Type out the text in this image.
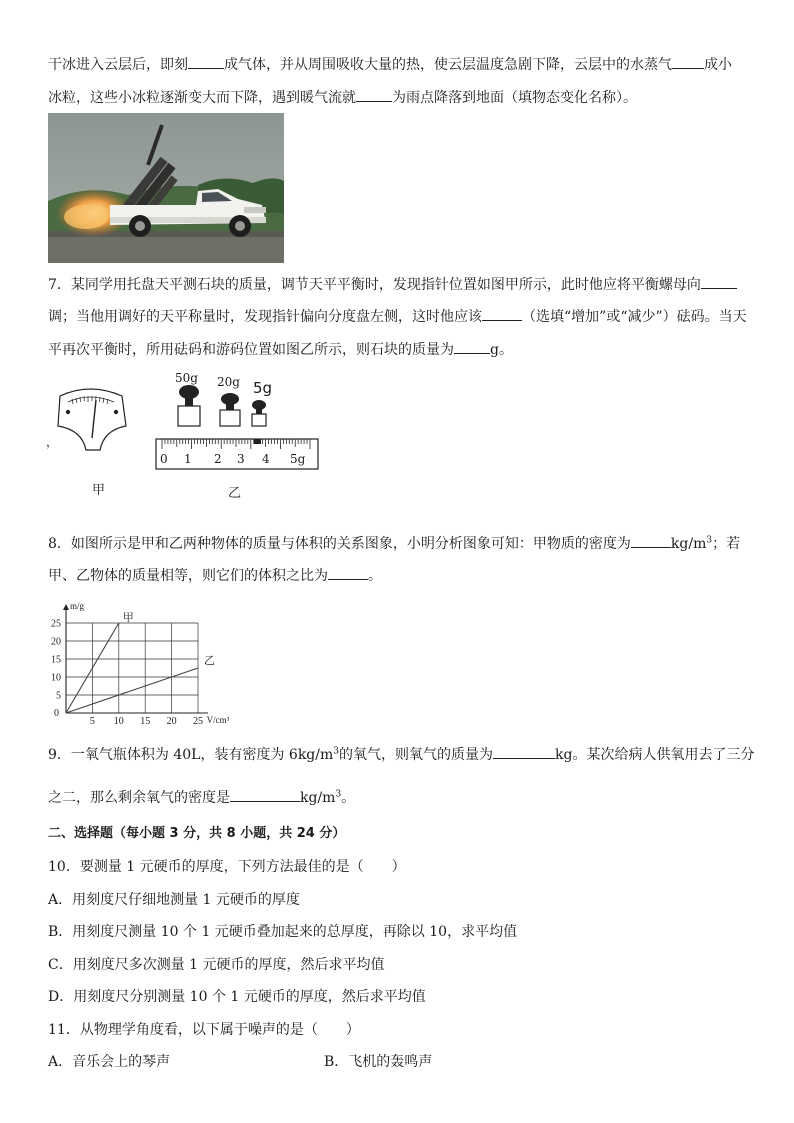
干冰进入云层后，即刻	成气体，并从周围吸收大量的热，使云层温度急剧下降，云层中的水蒸气 成小
冰粒，这些小冰粒逐渐变大而下降，遇到暖气流就	为雨点降落到地面（填物态变化名称）。
7．某同学用托盘天平测石块的质量，调节天平平衡时，发现指针位置如图甲所示，此时他应将平衡螺母向
调；当他用调好的天平称量时，发现指针偏向分度盘左侧，这时他应该	（选填“增加”或“减少”）砝码。当天
平再次平衡时，所用砝码和游码位置如图乙所示，则石块的质量为	g。
，
50g 20g 5g
0 1 2 3 4 5g
甲	乙
8．如图所示是甲和乙两种物体的质量与体积的关系图象，小明分析图象可知：甲物质的密度为	$kg/m^3$；若
甲、乙物体的质量相等，则它们的体积之比为	。
5 10 15 20 25
25
20
15
10
5
0
m/g
V/cm³
甲
乙
9．一氧气瓶体积为 40L，装有密度为 $6kg/m^3$的氧气，则氧气的质量为	kg。某次给病人供氧用去了三分
之二，那么剩余氧气的密度是	$kg/m^3$。
二、选择题（每小题 3 分，共 8 小题，共 24 分）
10．要测量 1 元硬币的厚度，下列方法最佳的是（　　）
A．用刻度尺仔细地测量 1 元硬币的厚度
B．用刻度尺测量 10 个 1 元硬币叠加起来的总厚度，再除以 10，求平均值
C．用刻度尺多次测量 1 元硬币的厚度，然后求平均值
D．用刻度尺分别测量 10 个 1 元硬币的厚度，然后求平均值
11．从物理学角度看，以下属于噪声的是（　　）
A．音乐会上的琴声	B．飞机的轰鸣声
